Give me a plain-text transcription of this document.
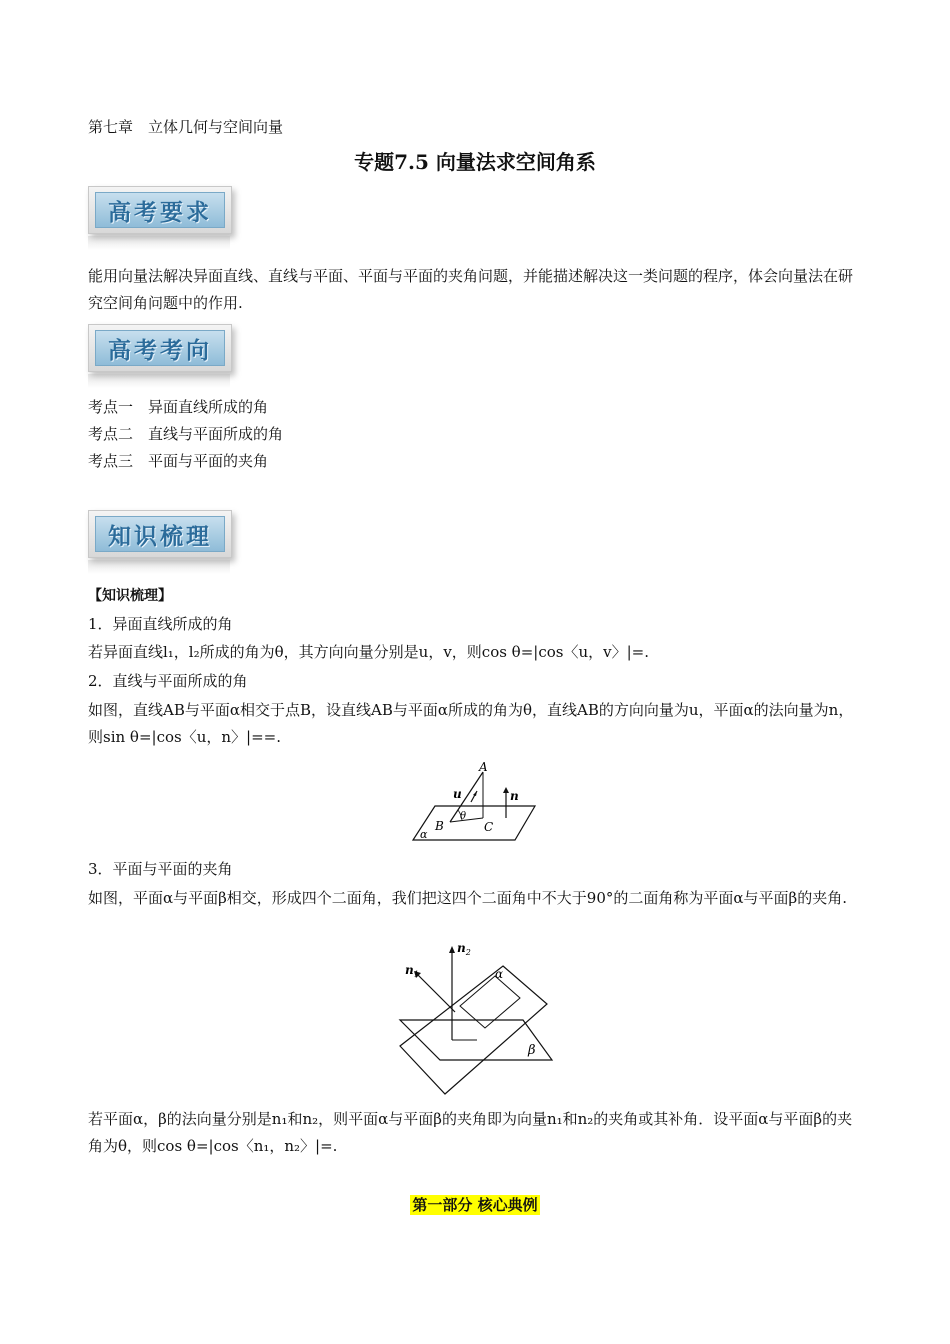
第七章　立体几何与空间向量
专题7.5 向量法求空间角系
高考要求
能用向量法解决异面直线、直线与平面、平面与平面的夹角问题，并能描述解决这一类问题的程序，体会向量法在研究空间角问题中的作用.
高考考向
考点一　异面直线所成的角
考点二　直线与平面所成的角
考点三　平面与平面的夹角
知识梳理
【知识梳理】
1．异面直线所成的角
若异面直线l₁，l₂所成的角为θ，其方向向量分别是u，v，则cos θ=|cos〈u，v〉|=.
2．直线与平面所成的角
如图，直线AB与平面α相交于点B，设直线AB与平面α所成的角为θ，直线AB的方向向量为u，平面α的法向量为n，则sin θ=|cos〈u，n〉|==.
A
B	C
u	n
θ
α
3．平面与平面的夹角
如图，平面α与平面β相交，形成四个二面角，我们把这四个二面角中不大于90°的二面角称为平面α与平面β的夹角.
$n_2$
$n_1$	α
β
若平面α，β的法向量分别是n₁和n₂，则平面α与平面β的夹角即为向量n₁和n₂的夹角或其补角．设平面α与平面β的夹角为θ，则cos θ=|cos〈n₁，n₂〉|=.
第一部分 核心典例
